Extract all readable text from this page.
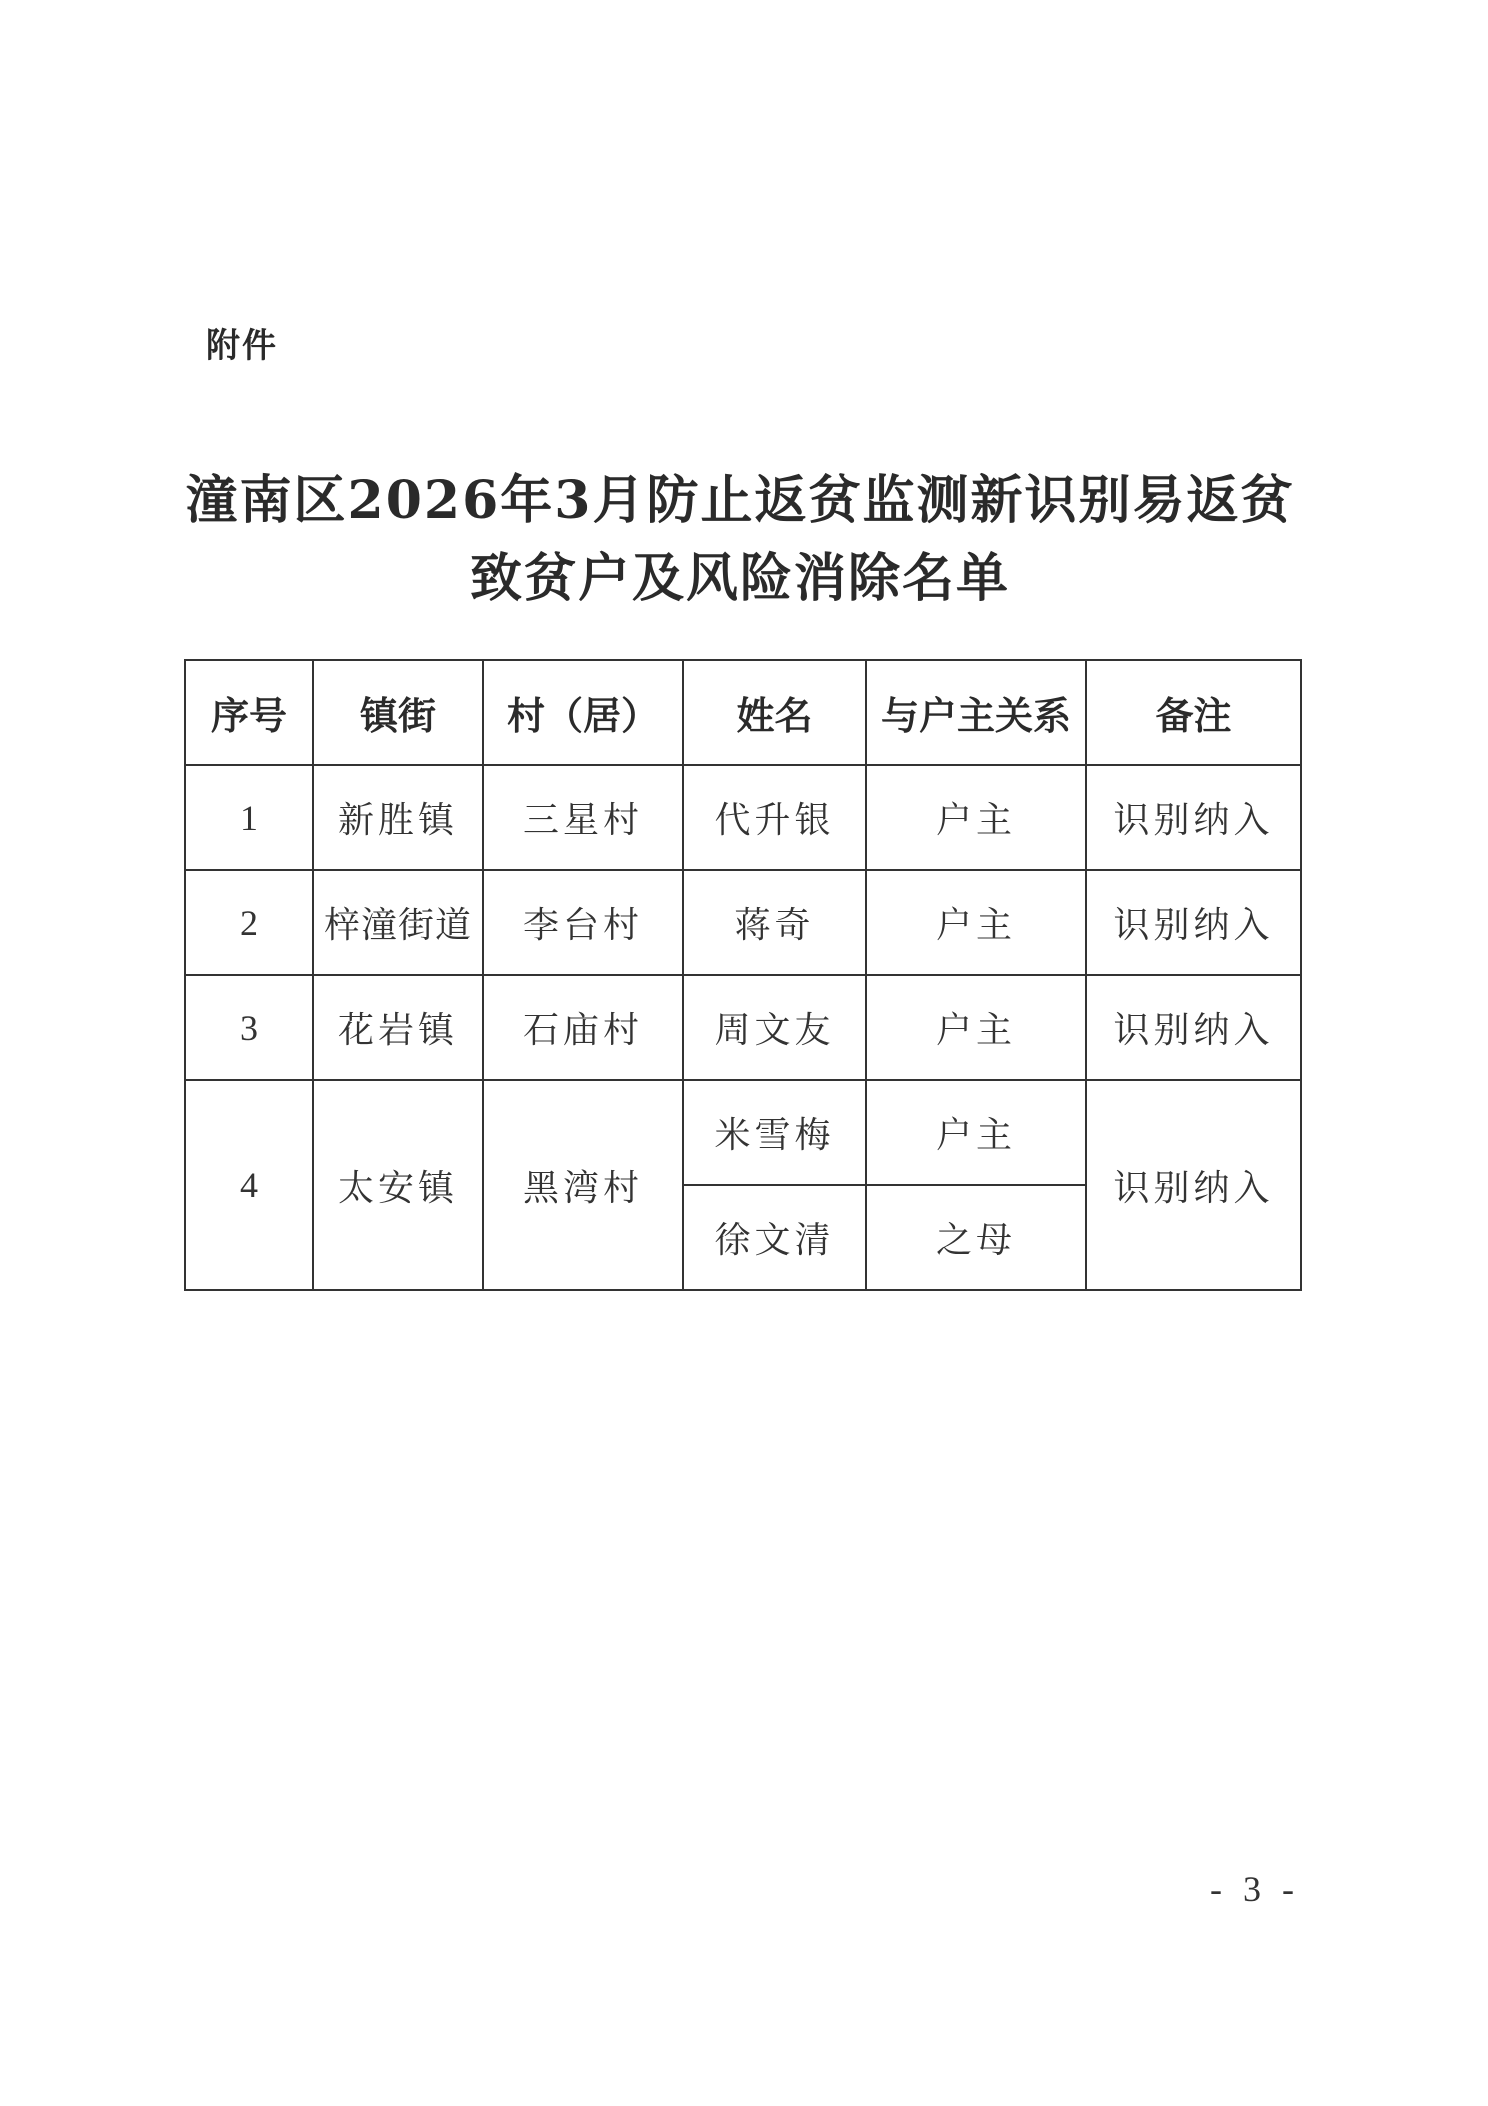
附件
潼南区2026年3月防止返贫监测新识别易返贫
致贫户及风险消除名单
序号	镇街	村（居）	姓名	与户主关系	备注
1	新胜镇	三星村	代升银	户主	识别纳入
2	梓潼街道	李台村	蒋奇	户主	识别纳入
3	花岩镇	石庙村	周文友	户主	识别纳入
4	太安镇	黑湾村	米雪梅	户主	识别纳入
			徐文清	之母	
- 3 -
